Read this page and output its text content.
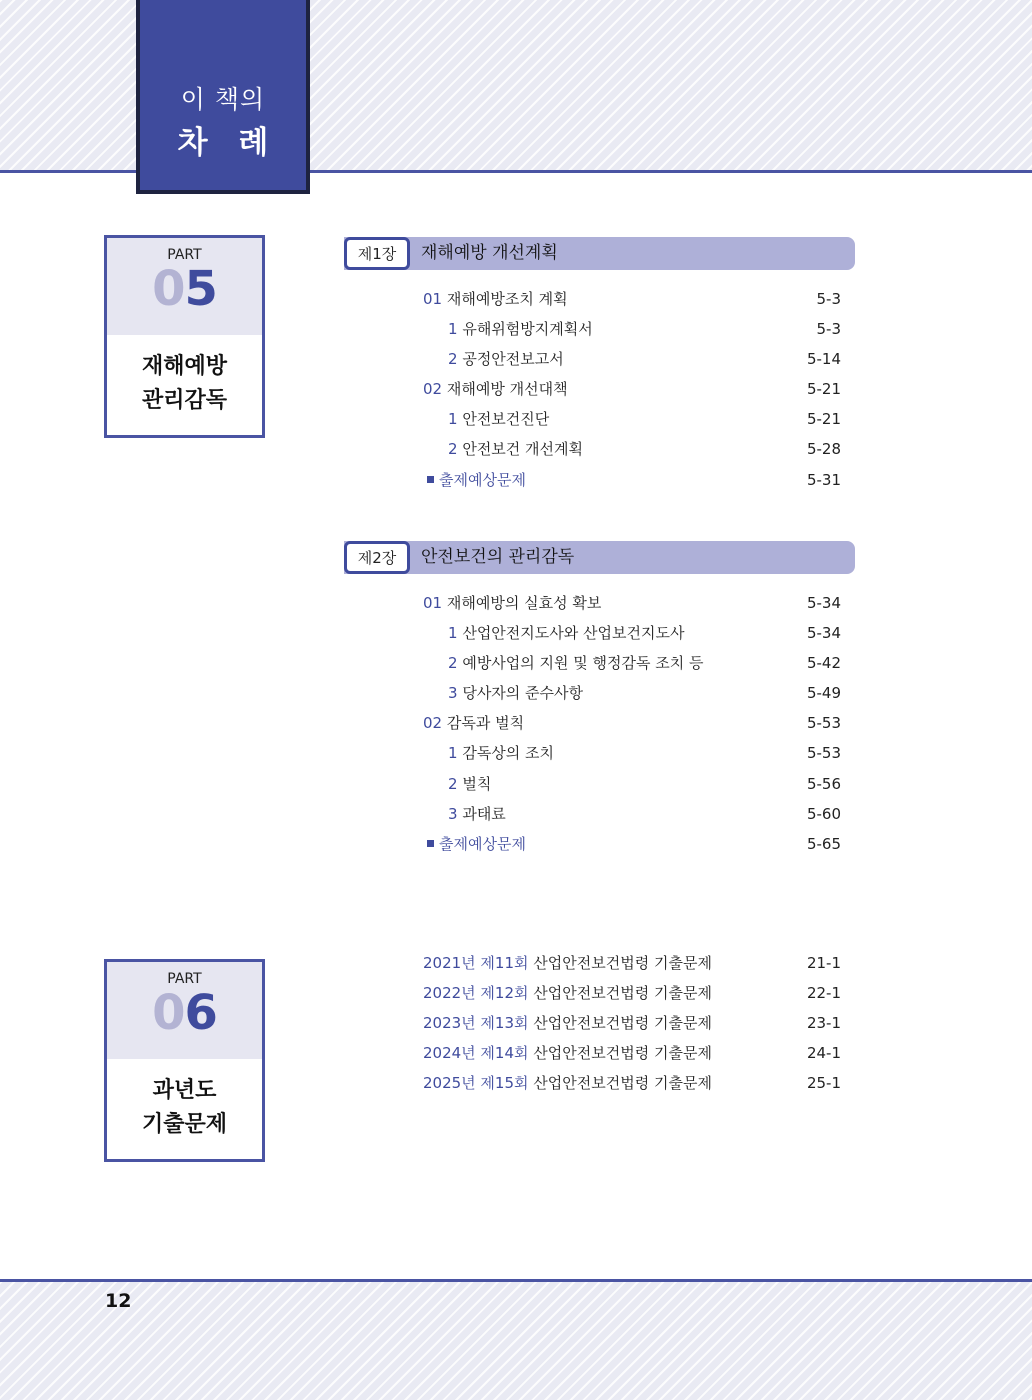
이 책의
차 례
PART
05
재해예방
관리감독
제1장	재해예방 개선계획
01 재해예방조치 계획	5-3
1 유해위험방지계획서	5-3
2 공정안전보고서	5-14
02 재해예방 개선대책	5-21
1 안전보건진단	5-21
2 안전보건 개선계획	5-28
출제예상문제	5-31
제2장	안전보건의 관리감독
01 재해예방의 실효성 확보	5-34
1 산업안전지도사와 산업보건지도사	5-34
2 예방사업의 지원 및 행정감독 조치 등	5-42
3 당사자의 준수사항	5-49
02 감독과 벌칙	5-53
1 감독상의 조치	5-53
2 벌칙	5-56
3 과태료	5-60
출제예상문제	5-65
PART
06
과년도
기출문제
2021년 제11회 산업안전보건법령 기출문제	21-1
2022년 제12회 산업안전보건법령 기출문제	22-1
2023년 제13회 산업안전보건법령 기출문제	23-1
2024년 제14회 산업안전보건법령 기출문제	24-1
2025년 제15회 산업안전보건법령 기출문제	25-1
12
